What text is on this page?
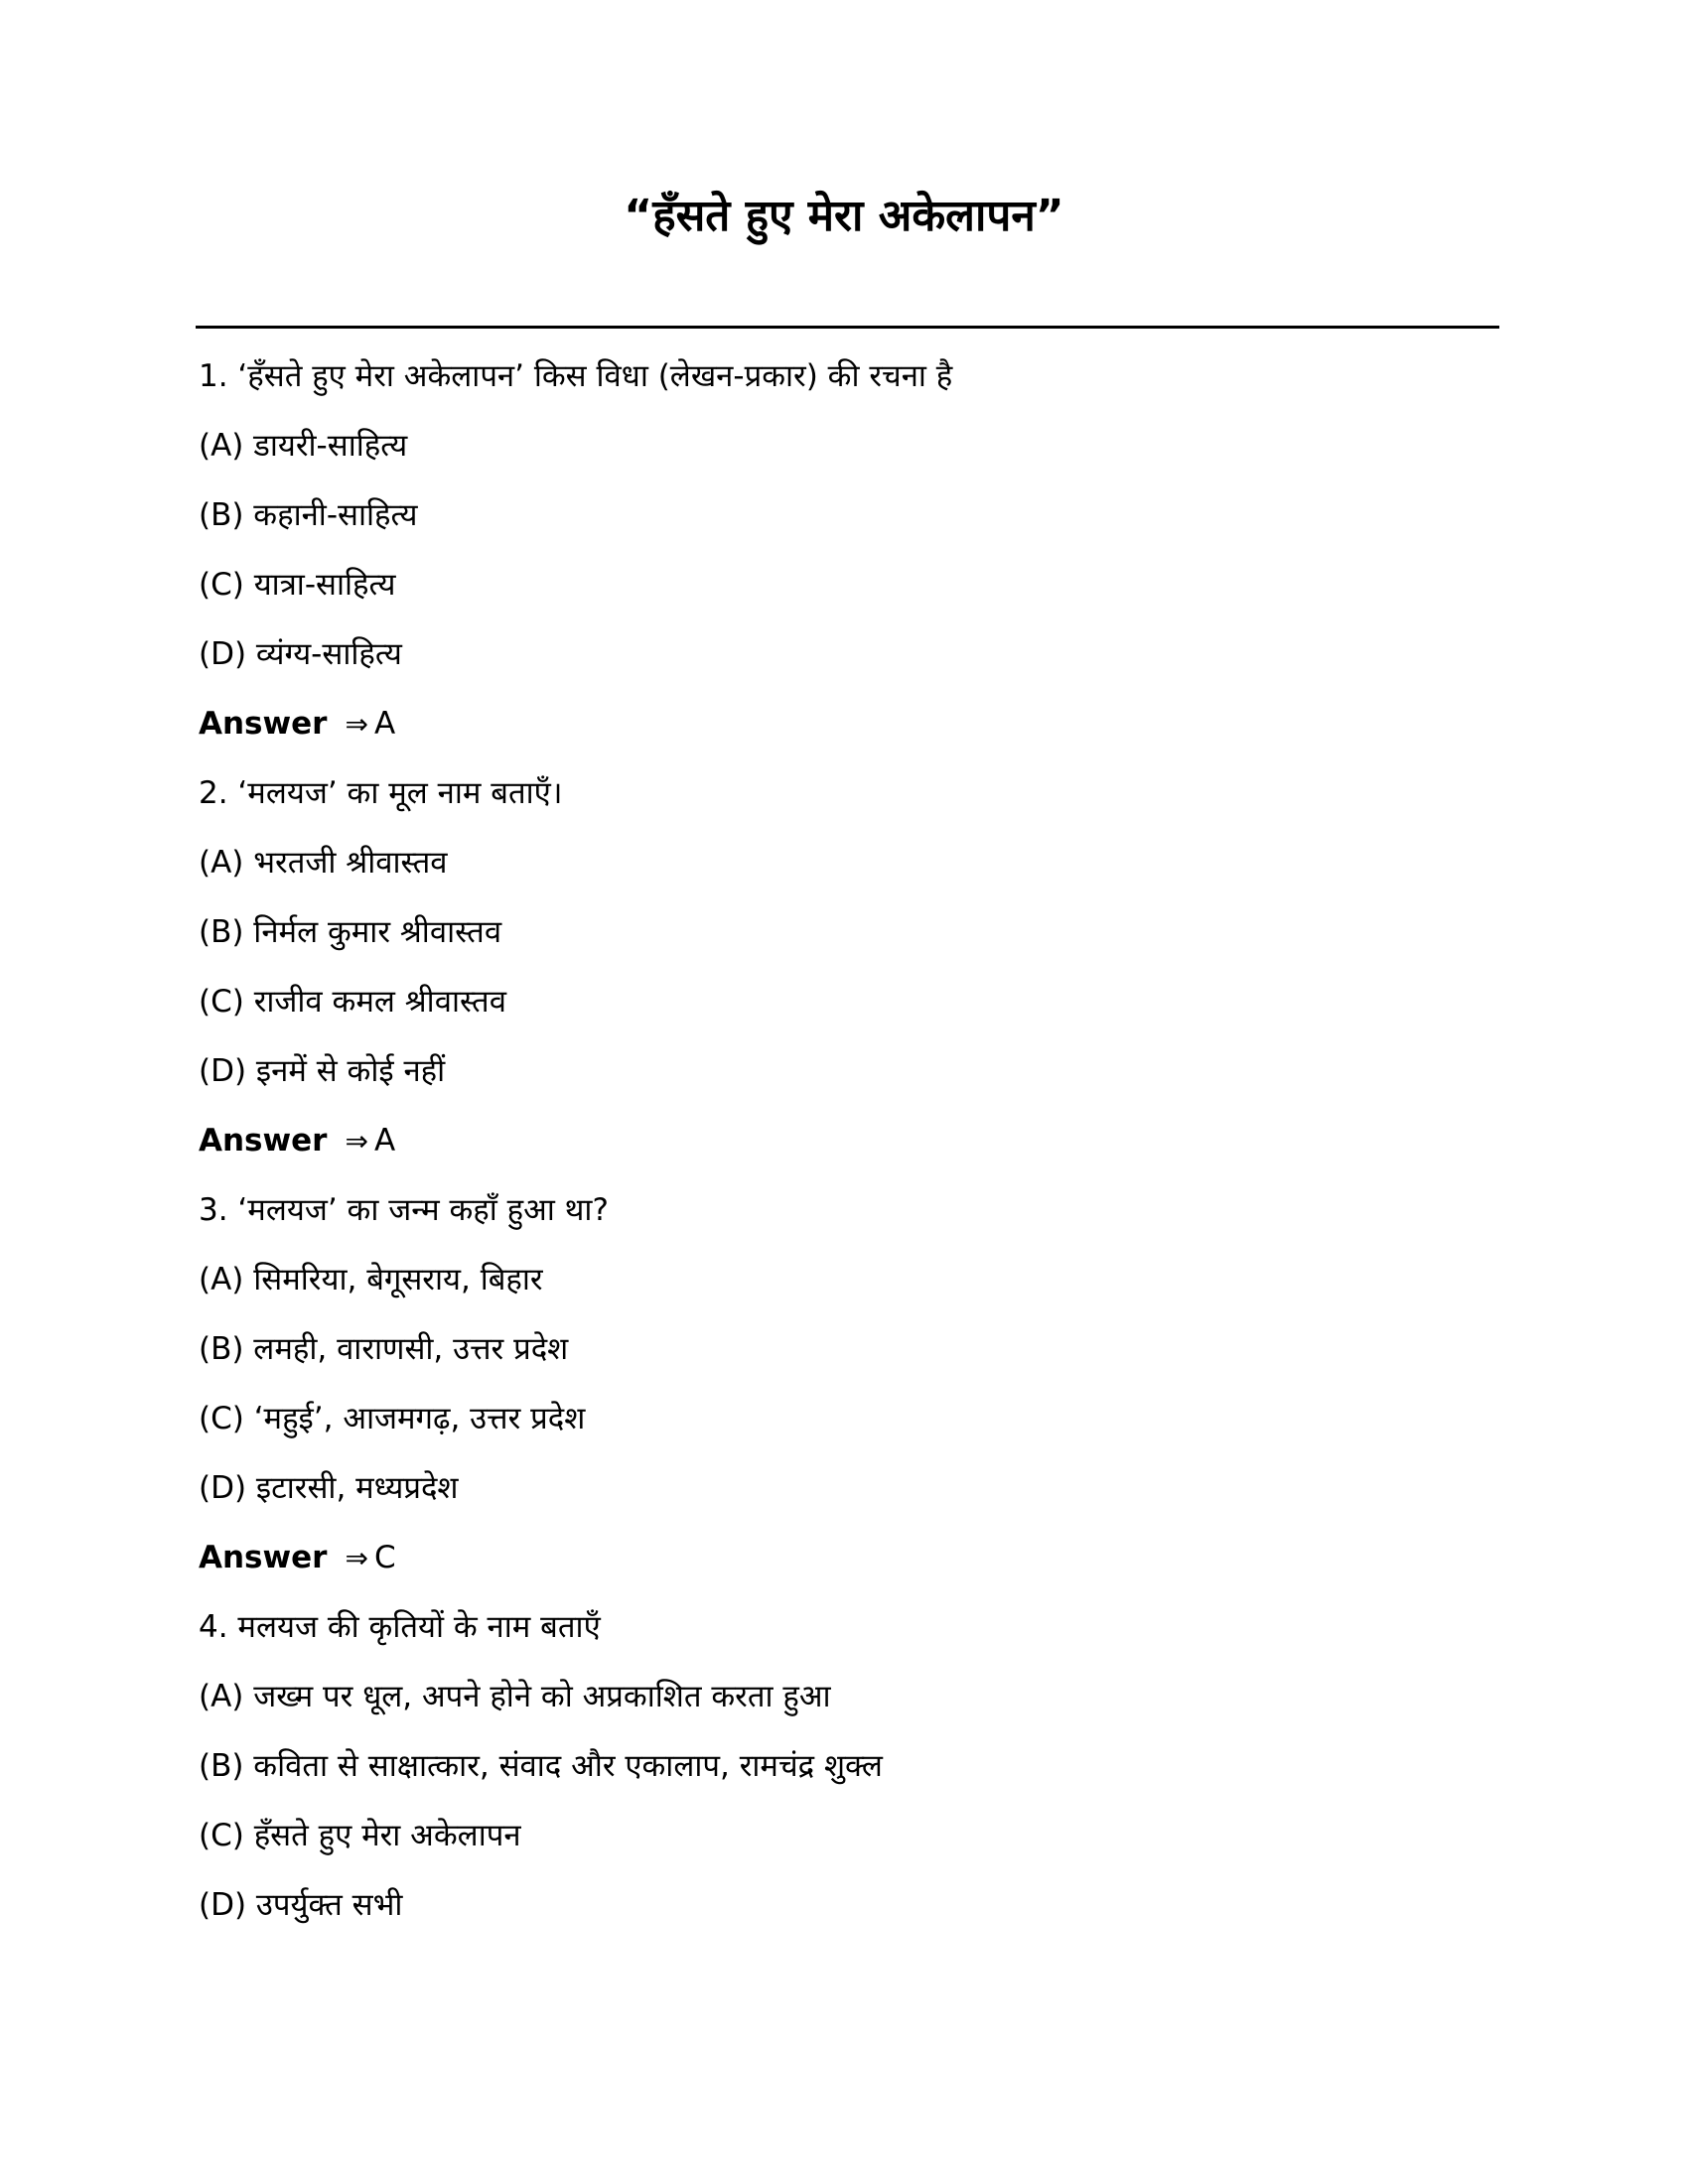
“हँसते हुए मेरा अकेलापन”
1. ‘हँसते हुए मेरा अकेलापन’ किस विधा (लेखन-प्रकार) की रचना है
(A) डायरी-साहित्य
(B) कहानी-साहित्य
(C) यात्रा-साहित्य
(D) व्यंग्य-साहित्य
Answer ⇒ A
2. ‘मलयज’ का मूल नाम बताएँ।
(A) भरतजी श्रीवास्तव
(B) निर्मल कुमार श्रीवास्तव
(C) राजीव कमल श्रीवास्तव
(D) इनमें से कोई नहीं
Answer ⇒ A
3. ‘मलयज’ का जन्म कहाँ हुआ था?
(A) सिमरिया, बेगूसराय, बिहार
(B) लमही, वाराणसी, उत्तर प्रदेश
(C) ‘महुई’, आजमगढ़, उत्तर प्रदेश
(D) इटारसी, मध्यप्रदेश
Answer ⇒ C
4. मलयज की कृतियों के नाम बताएँ
(A) जख्म पर धूल, अपने होने को अप्रकाशित करता हुआ
(B) कविता से साक्षात्कार, संवाद और एकालाप, रामचंद्र शुक्ल
(C) हँसते हुए मेरा अकेलापन
(D) उपर्युक्त सभी
